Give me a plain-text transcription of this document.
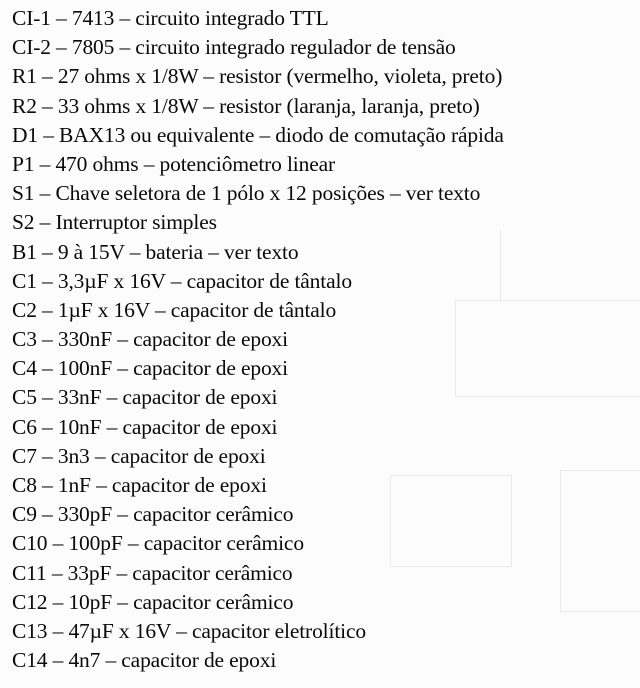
CI-1 – 7413 – circuito integrado TTL
CI-2 – 7805 – circuito integrado regulador de tensão
R1 – 27 ohms x 1/8W – resistor (vermelho, violeta, preto)
R2 – 33 ohms x 1/8W – resistor (laranja, laranja, preto)
D1 – BAX13 ou equivalente – diodo de comutação rápida
P1 – 470 ohms – potenciômetro linear
S1 – Chave seletora de 1 pólo x 12 posições – ver texto
S2 – Interruptor simples
B1 – 9 à 15V – bateria – ver texto
C1 – 3,3µF x 16V – capacitor de tântalo
C2 – 1µF x 16V – capacitor de tântalo
C3 – 330nF – capacitor de epoxi
C4 – 100nF – capacitor de epoxi
C5 – 33nF – capacitor de epoxi
C6 – 10nF – capacitor de epoxi
C7 – 3n3 – capacitor de epoxi
C8 – 1nF – capacitor de epoxi
C9 – 330pF – capacitor cerâmico
C10 – 100pF – capacitor cerâmico
C11 – 33pF – capacitor cerâmico
C12 – 10pF – capacitor cerâmico
C13 – 47µF x 16V – capacitor eletrolítico
C14 – 4n7 – capacitor de epoxi
